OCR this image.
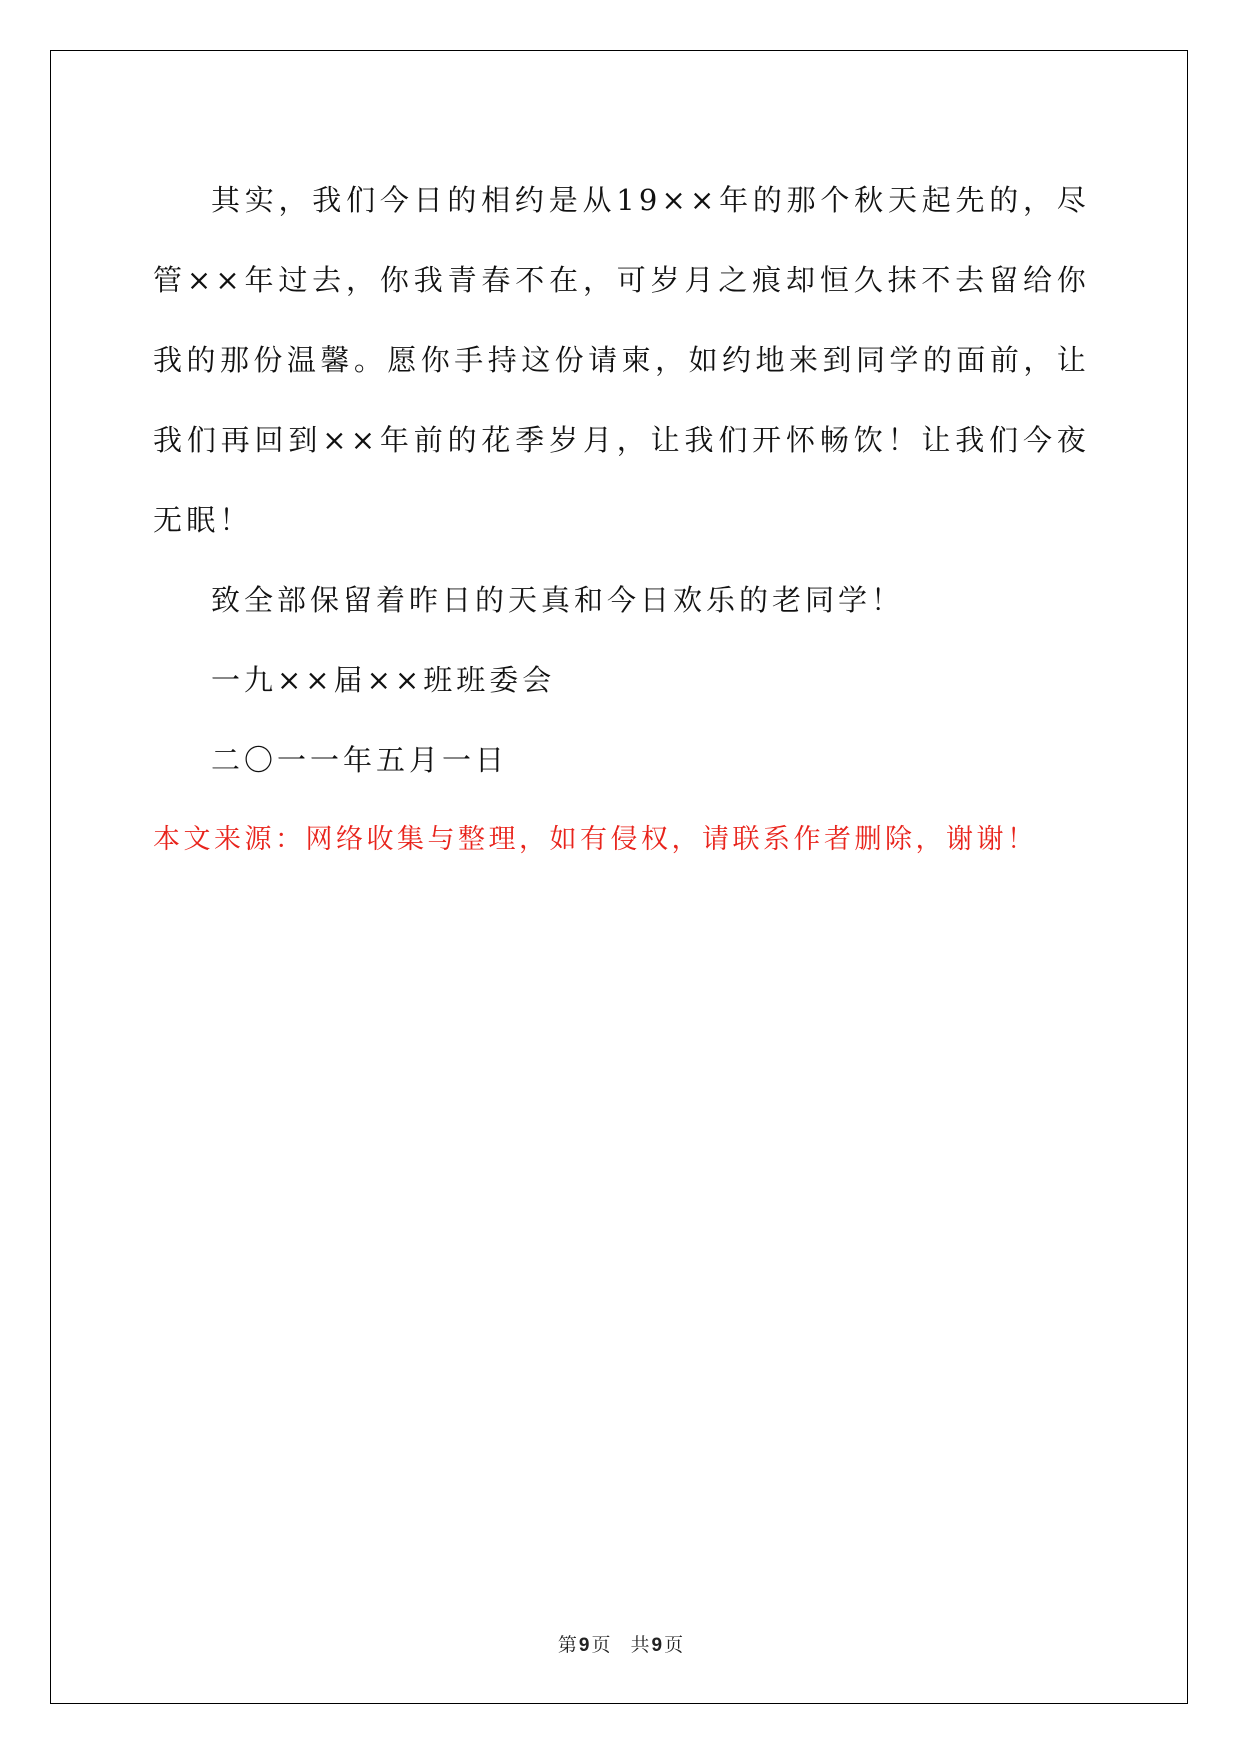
其实，我们今日的相约是从19××年的那个秋天起先的，尽管××年过去，你我青春不在，可岁月之痕却恒久抹不去留给你我的那份温馨。愿你手持这份请柬，如约地来到同学的面前，让我们再回到××年前的花季岁月，让我们开怀畅饮！让我们今夜无眠！

致全部保留着昨日的天真和今日欢乐的老同学！

一九××届××班班委会

二〇一一年五月一日

本文来源：网络收集与整理，如有侵权，请联系作者删除，谢谢！

第 9 页 共 9 页
